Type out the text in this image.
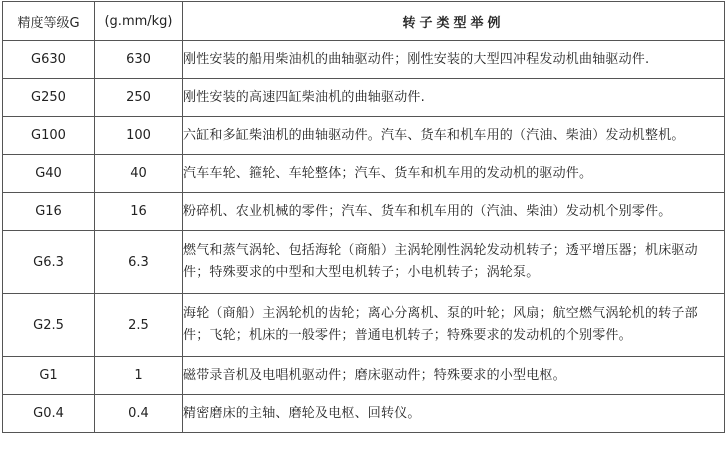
精度等级G	(g.mm/kg)	转子类型举例
G630	630	刚性安装的船用柴油机的曲轴驱动件；刚性安装的大型四冲程发动机曲轴驱动件.
G250	250	刚性安装的高速四缸柴油机的曲轴驱动件.
G100	100	六缸和多缸柴油机的曲轴驱动件。汽车、货车和机车用的（汽油、柴油）发动机整机。
G40	40	汽车车轮、箍轮、车轮整体；汽车、货车和机车用的发动机的驱动件。
G16	16	粉碎机、农业机械的零件；汽车、货车和机车用的（汽油、柴油）发动机个别零件。
G6.3	6.3	燃气和蒸气涡轮、包括海轮（商船）主涡轮刚性涡轮发动机转子；透平增压器；机床驱动件；特殊要求的中型和大型电机转子；小电机转子；涡轮泵。
G2.5	2.5	海轮（商船）主涡轮机的齿轮；离心分离机、泵的叶轮；风扇；航空燃气涡轮机的转子部件；飞轮；机床的一般零件；普通电机转子；特殊要求的发动机的个别零件。
G1	1	磁带录音机及电唱机驱动件；磨床驱动件；特殊要求的小型电枢。
G0.4	0.4	精密磨床的主轴、磨轮及电枢、回转仪。
